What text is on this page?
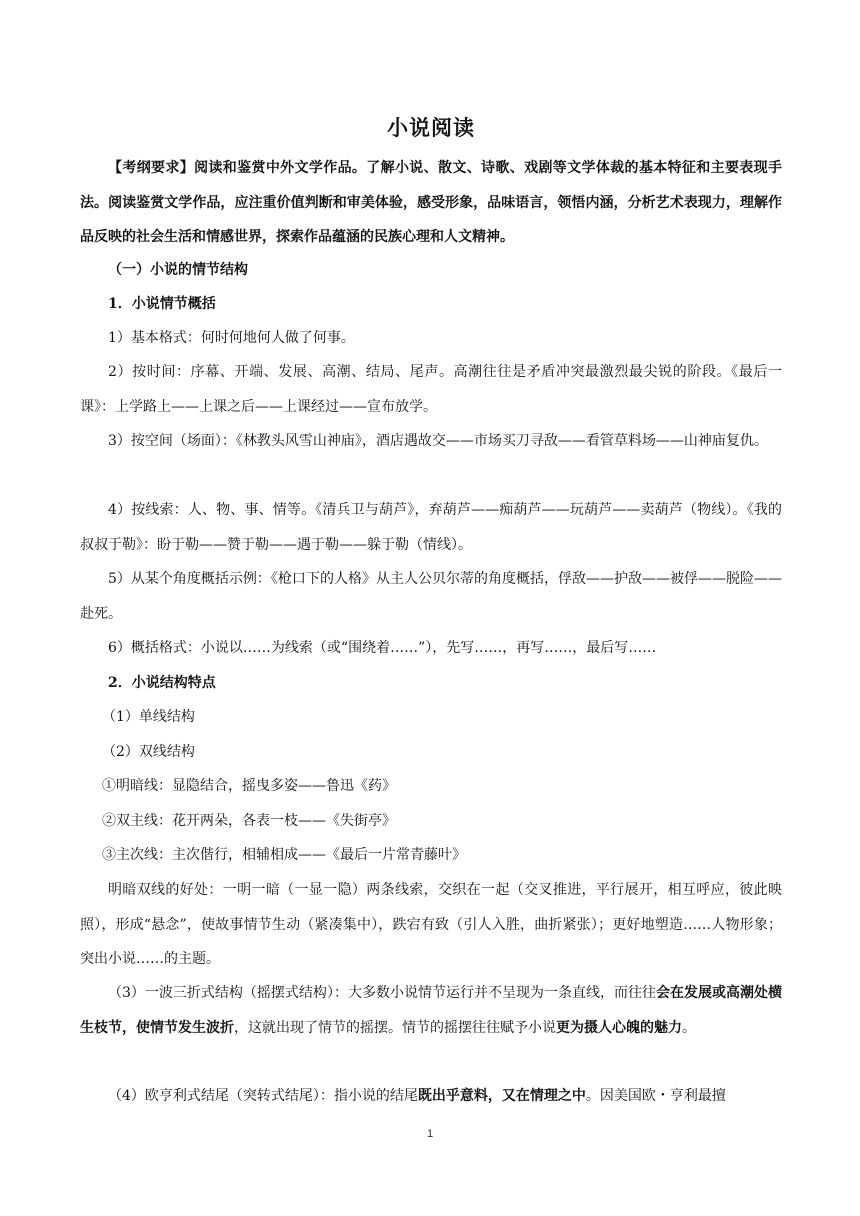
小说阅读

【考纲要求】阅读和鉴赏中外文学作品。了解小说、散文、诗歌、戏剧等文学体裁的基本特征和主要表现手法。阅读鉴赏文学作品，应注重价值判断和审美体验，感受形象，品味语言，领悟内涵，分析艺术表现力，理解作品反映的社会生活和情感世界，探索作品蕴涵的民族心理和人文精神。

（一）小说的情节结构

1．小说情节概括

1）基本格式：何时何地何人做了何事。

2）按时间：序幕、开端、发展、高潮、结局、尾声。高潮往往是矛盾冲突最激烈最尖锐的阶段。《最后一课》：上学路上——上课之后——上课经过——宣布放学。

3）按空间（场面）：《林教头风雪山神庙》，酒店遇故交——市场买刀寻敌——看管草料场——山神庙复仇。

4）按线索：人、物、事、情等。《清兵卫与葫芦》，弃葫芦——痴葫芦——玩葫芦——卖葫芦（物线）。《我的叔叔于勒》：盼于勒——赞于勒——遇于勒——躲于勒（情线）。

5）从某个角度概括示例：《枪口下的人格》从主人公贝尔蒂的角度概括，俘敌——护敌——被俘——脱险——赴死。

6）概括格式：小说以……为线索（或“围绕着……”），先写……，再写……，最后写……

2．小说结构特点

（1）单线结构

（2）双线结构

①明暗线：显隐结合，摇曳多姿——鲁迅《药》

②双主线：花开两朵，各表一枝——《失街亭》

③主次线：主次偕行，相辅相成——《最后一片常青藤叶》

明暗双线的好处：一明一暗（一显一隐）两条线索，交织在一起（交叉推进，平行展开，相互呼应，彼此映照），形成“悬念”，使故事情节生动（紧凑集中），跌宕有致（引人入胜，曲折紧张）；更好地塑造……人物形象；突出小说……的主题。

（3）一波三折式结构（摇摆式结构）：大多数小说情节运行并不呈现为一条直线，而往往会在发展或高潮处横生枝节，使情节发生波折，这就出现了情节的摇摆。情节的摇摆往往赋予小说更为摄人心魄的魅力。

（4）欧亨利式结尾（突转式结尾）：指小说的结尾既出乎意料，又在情理之中。因美国欧・亨利最擅

1
